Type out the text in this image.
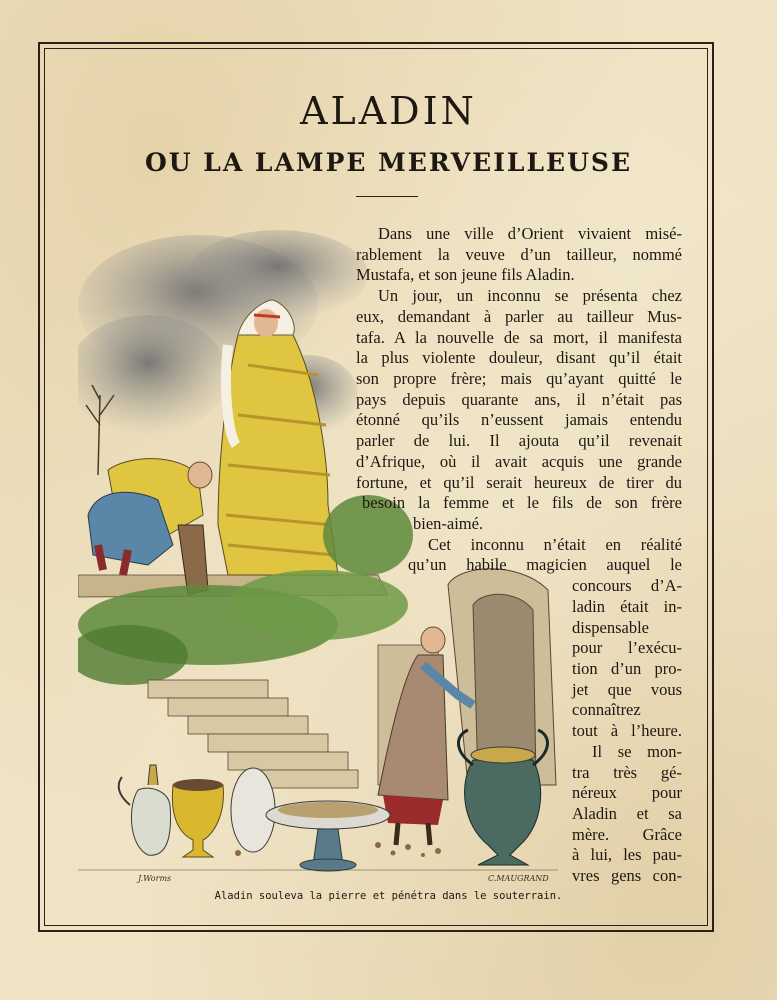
ALADIN
OU LA LAMPE MERVEILLEUSE
J.Worms	C.MAUGRAND
Dans une ville d’Orient vivaient misé-
rablement la veuve d’un tailleur, nommé
Mustafa, et son jeune fils Aladin.
Un jour, un inconnu se présenta chez
eux, demandant à parler au tailleur Mus-
tafa. A la nouvelle de sa mort, il manifesta
la plus violente douleur, disant qu’il était
son propre frère; mais qu’ayant quitté le
pays depuis quarante ans, il n’était pas
étonné qu’ils n’eussent jamais entendu
parler de lui. Il ajouta qu’il revenait
d’Afrique, où il avait acquis une grande
fortune, et qu’il serait heureux de tirer du
besoin la femme et le fils de son frère
bien-aimé.
Cet inconnu n’était en réalité
qu’un habile magicien auquel le
concours d’A-
ladin était in-
dispensable
pour l’exécu-
tion d’un pro-
jet que vous
connaîtrez
tout à l’heure.
Il se mon-
tra très gé-
néreux pour
Aladin et sa
mère. Grâce
à lui, les pau-
vres gens con-

Aladin souleva la pierre et pénétra dans le souterrain.
